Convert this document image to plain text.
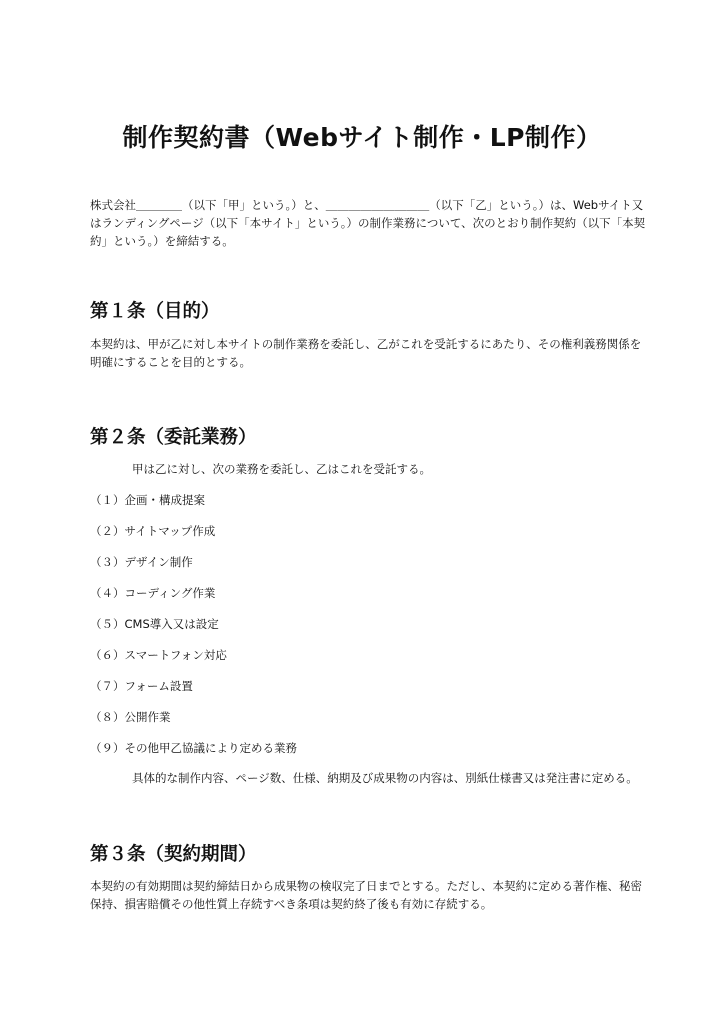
制作契約書（Webサイト制作・LP制作）

株式会社＿＿＿＿（以下「甲」という。）と、＿＿＿＿＿＿＿＿＿（以下「乙」という。）は、Webサイト又はランディングページ（以下「本サイト」という。）の制作業務について、次のとおり制作契約（以下「本契約」という。）を締結する。

第１条（目的）

本契約は、甲が乙に対し本サイトの制作業務を委託し、乙がこれを受託するにあたり、その権利義務関係を明確にすることを目的とする。

第２条（委託業務）

甲は乙に対し、次の業務を委託し、乙はこれを受託する。

（１）企画・構成提案

（２）サイトマップ作成

（３）デザイン制作

（４）コーディング作業

（５）CMS導入又は設定

（６）スマートフォン対応

（７）フォーム設置

（８）公開作業

（９）その他甲乙協議により定める業務

具体的な制作内容、ページ数、仕様、納期及び成果物の内容は、別紙仕様書又は発注書に定める。

第３条（契約期間）

本契約の有効期間は契約締結日から成果物の検収完了日までとする。ただし、本契約に定める著作権、秘密保持、損害賠償その他性質上存続すべき条項は契約終了後も有効に存続する。
